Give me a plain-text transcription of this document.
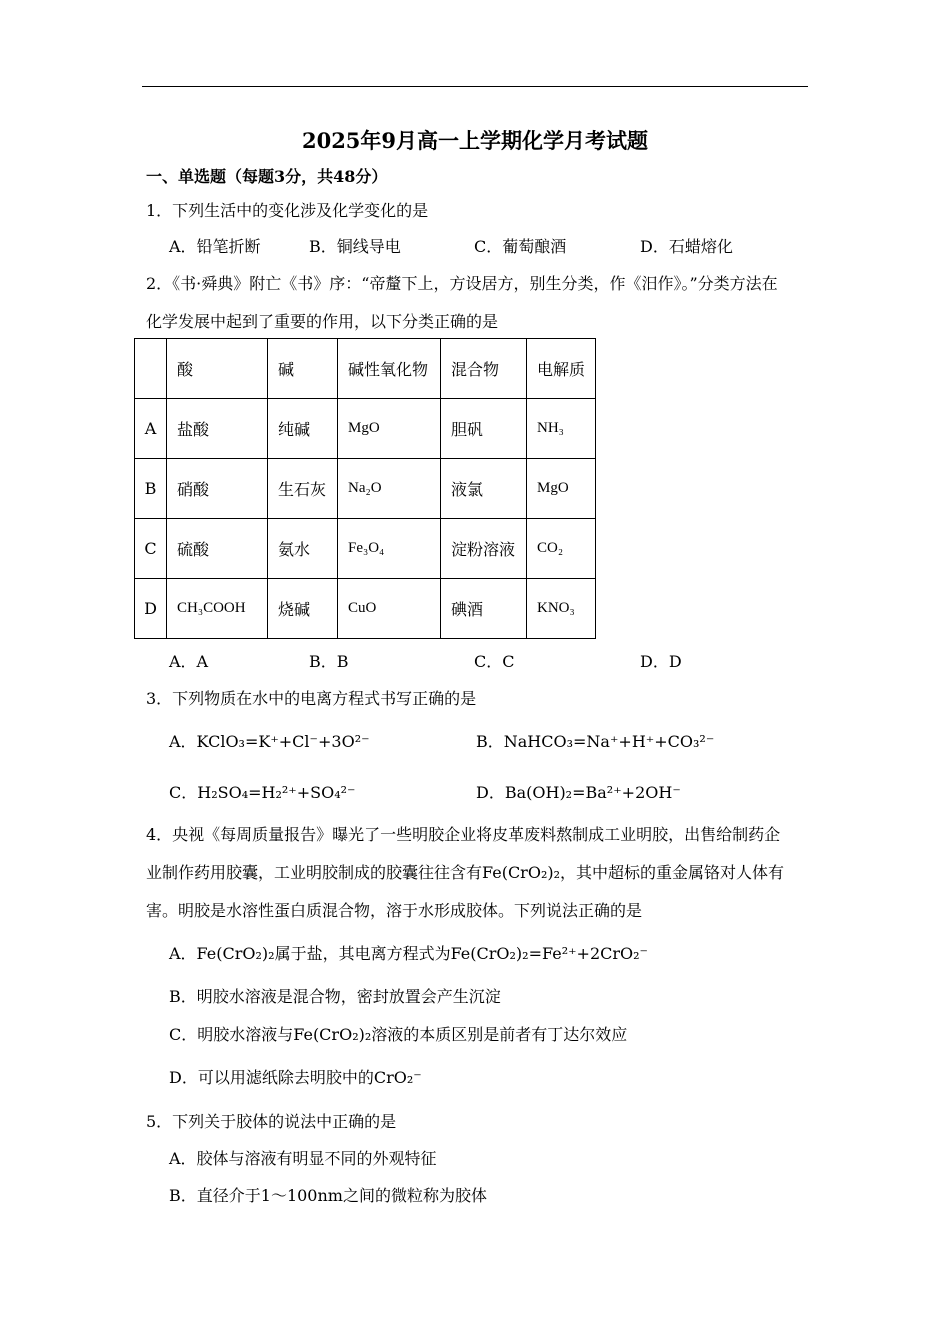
2025年9月高一上学期化学月考试题
一、单选题（每题3分，共48分）
1．下列生活中的变化涉及化学变化的是
A．铅笔折断	B．铜线导电	C．葡萄酿酒	D．石蜡熔化
2．《书·舜典》附亡《书》序：“帝釐下上，方设居方，别生分类，作《汨作》。”分类方法在
化学发展中起到了重要的作用，以下分类正确的是
	酸	碱	碱性氧化物	混合物	电解质
A	盐酸	纯碱	MgO	胆矾	NH₃
B	硝酸	生石灰	Na₂O	液氯	MgO
C	硫酸	氨水	Fe₃O₄	淀粉溶液	CO₂
D	CH₃COOH	烧碱	CuO	碘酒	KNO₃
A．A	B．B	C．C	D．D
3．下列物质在水中的电离方程式书写正确的是
A．KClO₃=K⁺+Cl⁻+3O²⁻	B．NaHCO₃=Na⁺+H⁺+CO₃²⁻
C．H₂SO₄=H₂²⁺+SO₄²⁻	D．Ba(OH)₂=Ba²⁺+2OH⁻
4．央视《每周质量报告》曝光了一些明胶企业将皮革废料熬制成工业明胶，出售给制药企
业制作药用胶囊，工业明胶制成的胶囊往往含有Fe(CrO₂)₂，其中超标的重金属铬对人体有
害。明胶是水溶性蛋白质混合物，溶于水形成胶体。下列说法正确的是
A．Fe(CrO₂)₂属于盐，其电离方程式为Fe(CrO₂)₂=Fe²⁺+2CrO₂⁻
B．明胶水溶液是混合物，密封放置会产生沉淀
C．明胶水溶液与Fe(CrO₂)₂溶液的本质区别是前者有丁达尔效应
D．可以用滤纸除去明胶中的CrO₂⁻
5．下列关于胶体的说法中正确的是
A．胶体与溶液有明显不同的外观特征
B．直径介于1～100nm之间的微粒称为胶体
